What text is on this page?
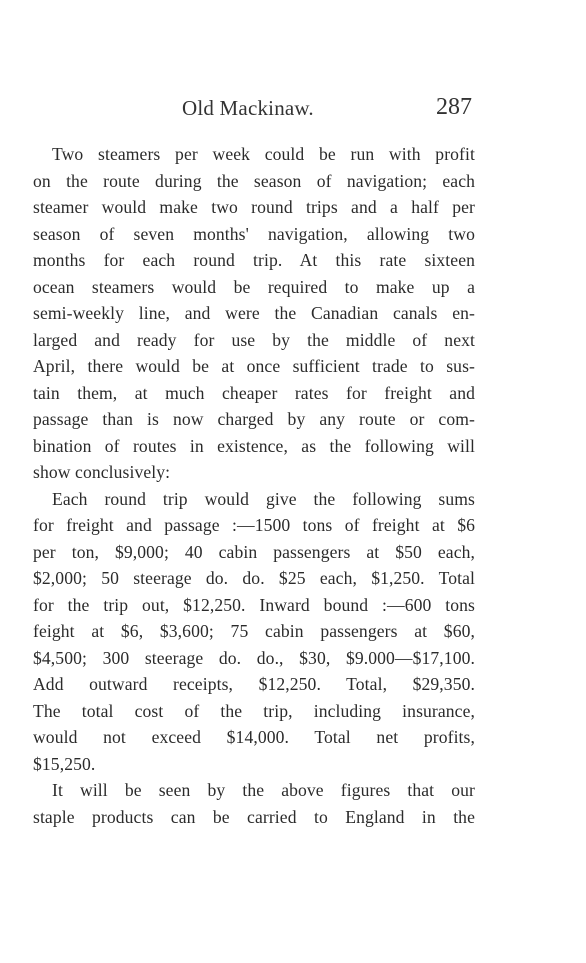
Old Mackinaw.	287
Two steamers per week could be run with profit
on the route during the season of navigation; each
steamer would make two round trips and a half per
season of seven months' navigation, allowing two
months for each round trip. At this rate sixteen
ocean steamers would be required to make up a
semi-weekly line, and were the Canadian canals en-
larged and ready for use by the middle of next
April, there would be at once sufficient trade to sus-
tain them, at much cheaper rates for freight and
passage than is now charged by any route or com-
bination of routes in existence, as the following will
show conclusively:
Each round trip would give the following sums
for freight and passage :—1500 tons of freight at $6
per ton, $9,000; 40 cabin passengers at $50 each,
$2,000; 50 steerage do. do. $25 each, $1,250. Total
for the trip out, $12,250. Inward bound :—600 tons
feight at $6, $3,600; 75 cabin passengers at $60,
$4,500; 300 steerage do. do., $30, $9.000—$17,100.
Add outward receipts, $12,250. Total, $29,350.
The total cost of the trip, including insurance,
would not exceed $14,000. Total net profits,
$15,250.
It will be seen by the above figures that our
staple products can be carried to England in the
